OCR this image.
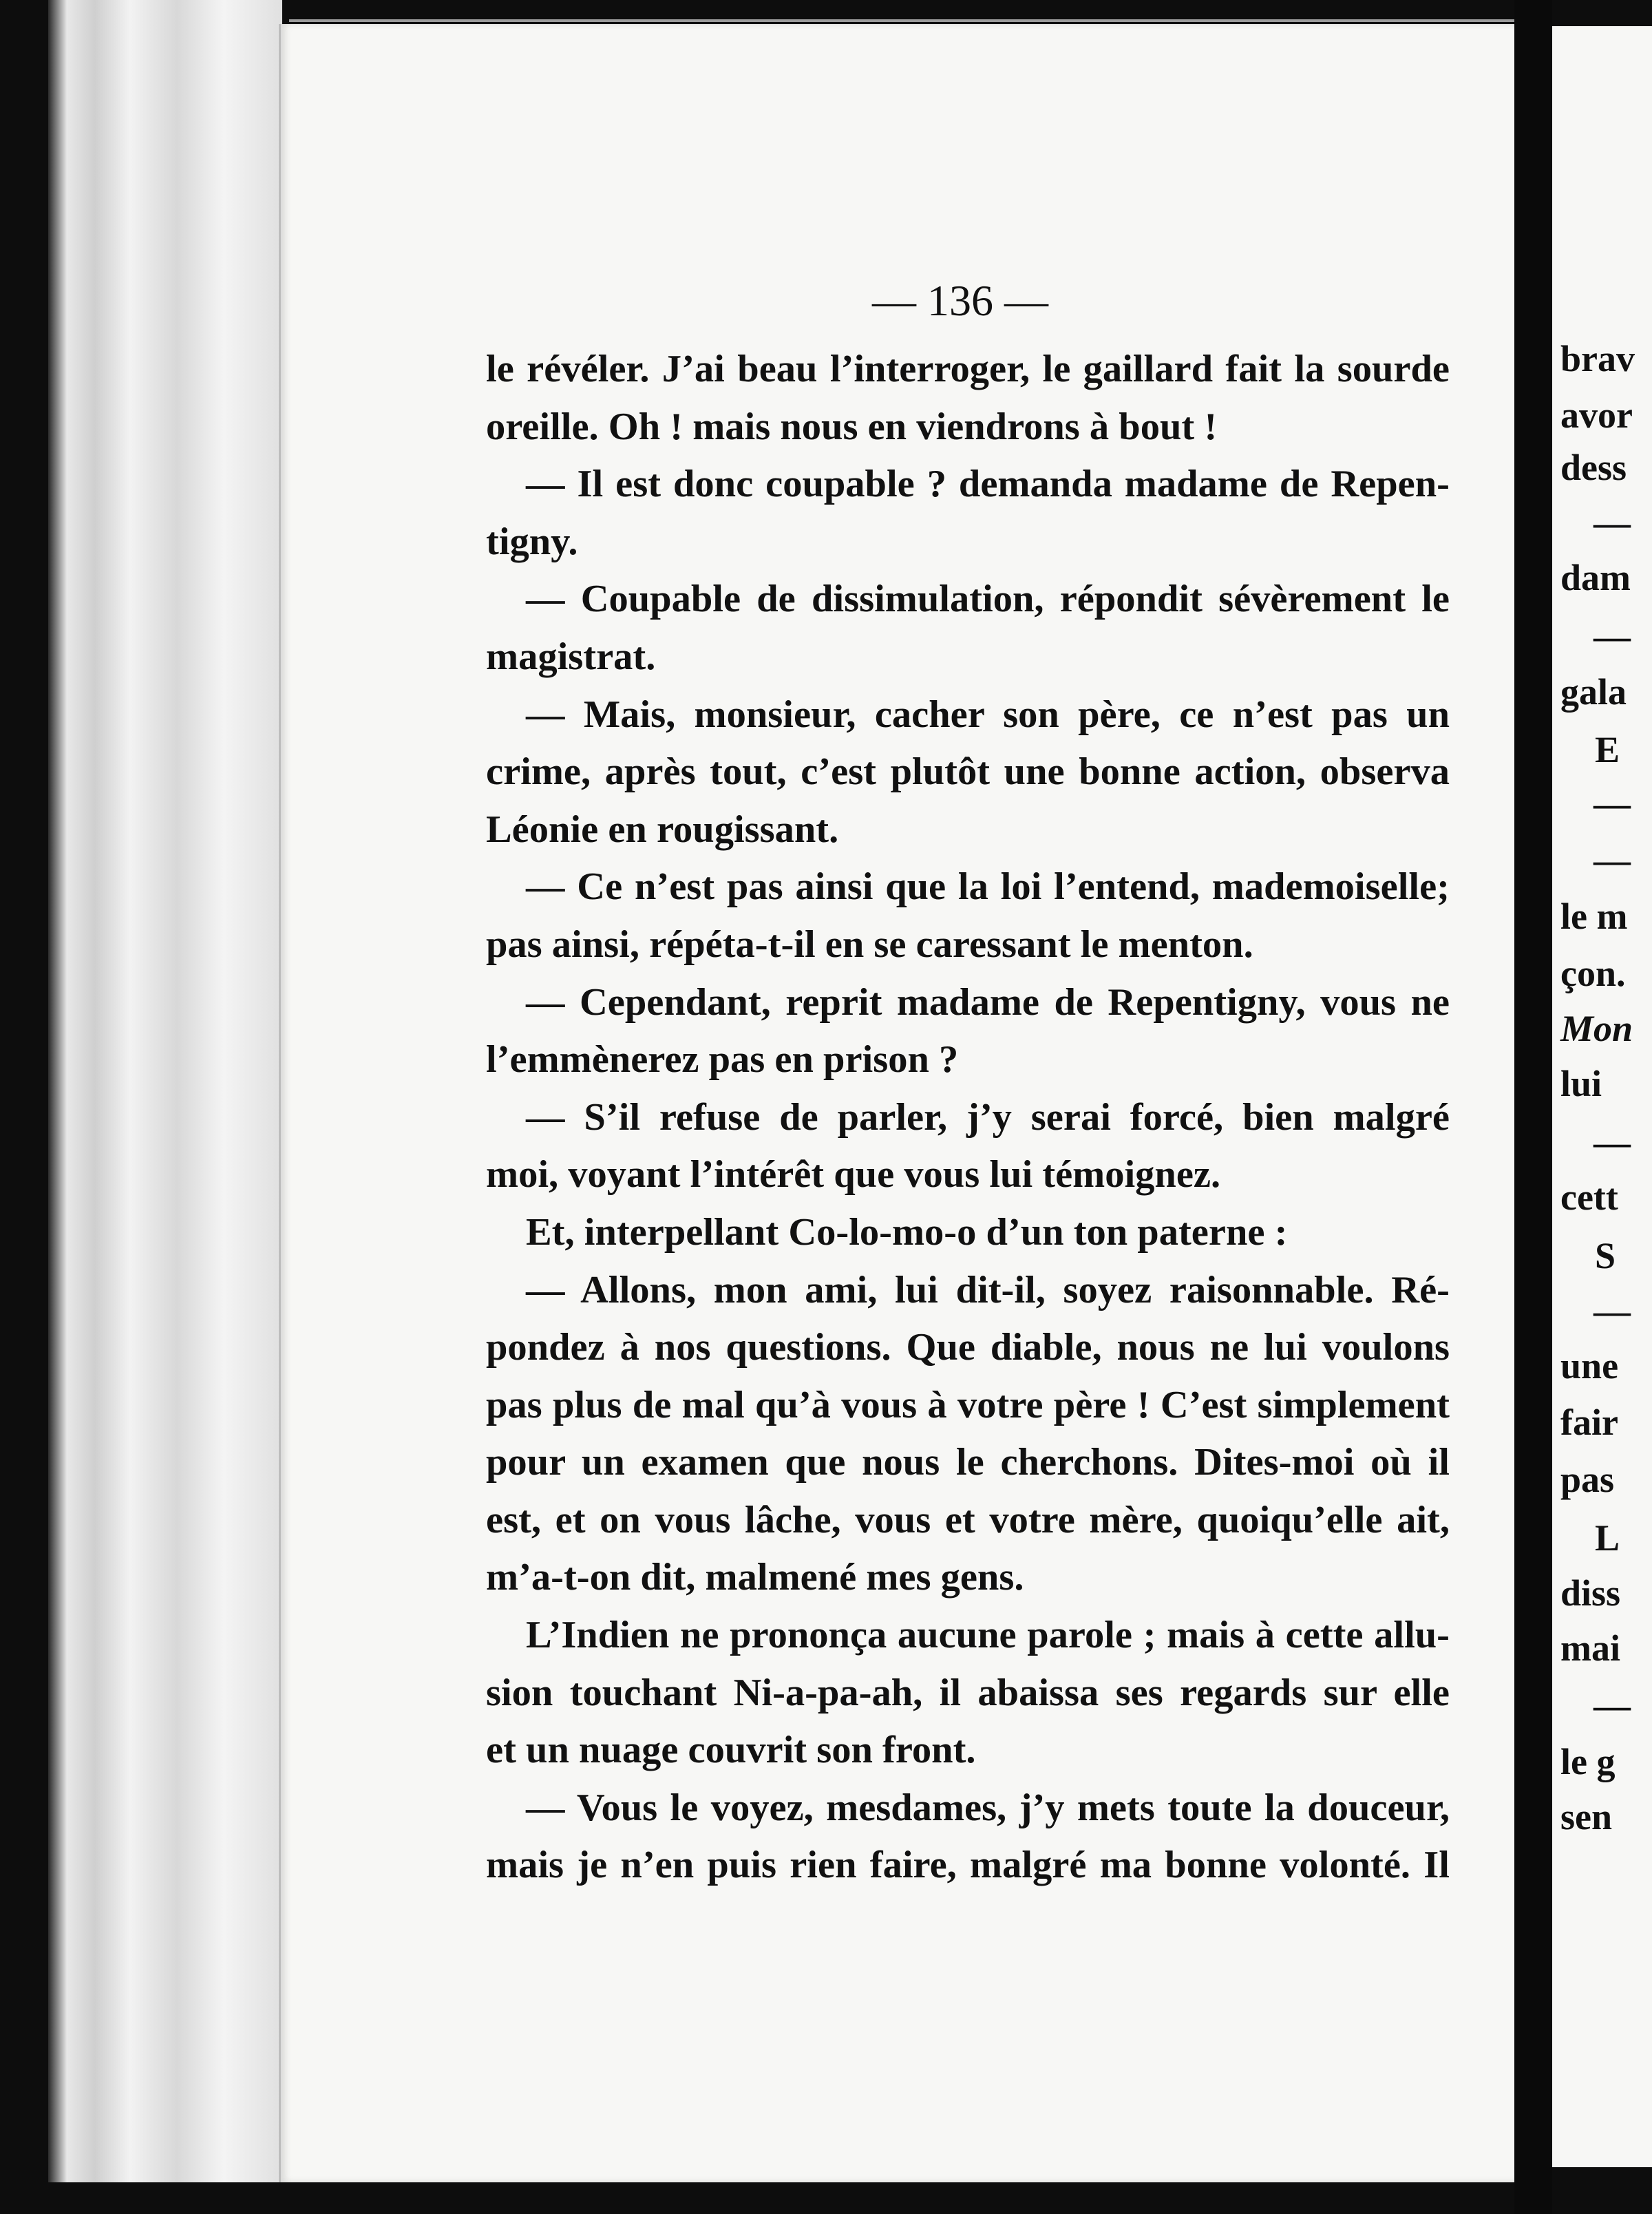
— 136 —
le révéler. J’ai beau l’interroger, le gaillard fait la sourde
oreille. Oh ! mais nous en viendrons à bout !
— Il est donc coupable ? demanda madame de Repen-
tigny.
— Coupable de dissimulation, répondit sévèrement le
magistrat.
— Mais, monsieur, cacher son père, ce n’est pas un
crime, après tout, c’est plutôt une bonne action, observa
Léonie en rougissant.
— Ce n’est pas ainsi que la loi l’entend, mademoiselle;
pas ainsi, répéta-t-il en se caressant le menton.
— Cependant, reprit madame de Repentigny, vous ne
l’emmènerez pas en prison ?
— S’il refuse de parler, j’y serai forcé, bien malgré
moi, voyant l’intérêt que vous lui témoignez.
Et, interpellant Co-lo-mo-o d’un ton paterne :
— Allons, mon ami, lui dit-il, soyez raisonnable. Ré-
pondez à nos questions. Que diable, nous ne lui voulons
pas plus de mal qu’à vous à votre père ! C’est simplement
pour un examen que nous le cherchons. Dites-moi où il
est, et on vous lâche, vous et votre mère, quoiqu’elle ait,
m’a-t-on dit, malmené mes gens.
L’Indien ne prononça aucune parole ; mais à cette allu-
sion touchant Ni-a-pa-ah, il abaissa ses regards sur elle
et un nuage couvrit son front.
— Vous le voyez, mesdames, j’y mets toute la douceur,
mais je n’en puis rien faire, malgré ma bonne volonté. Il
brav
avor
dess
—
dam
—
gala
E
—
—
le m
çon.
Mon
lui
—
cett
S
—
une
fair
pas
L
diss
mai
—
le g
sen
